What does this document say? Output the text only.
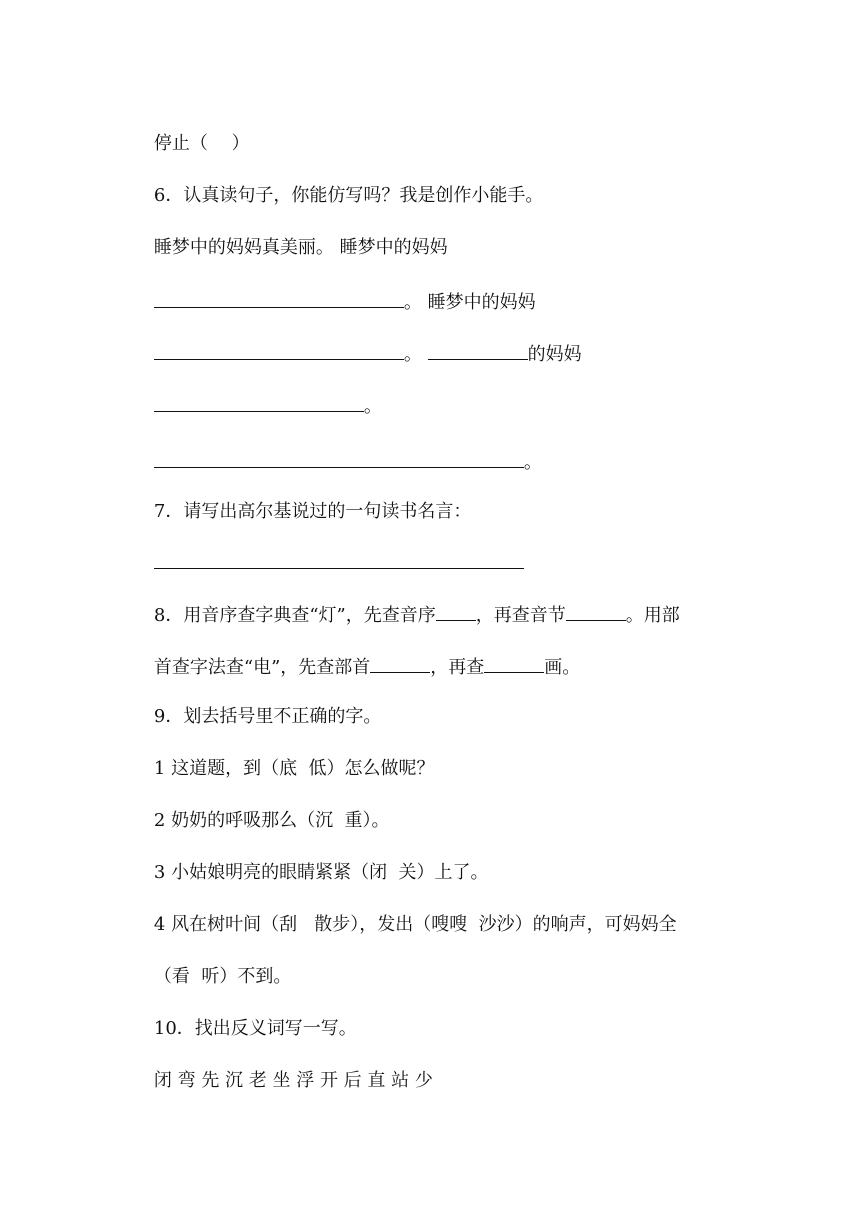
停止（　 ）

6．认真读句子，你能仿写吗？我是创作小能手。

睡梦中的妈妈真美丽。 睡梦中的妈妈

。 睡梦中的妈妈

。	的妈妈

。

。

7．请写出高尔基说过的一句读书名言：

8．用音序查字典查“灯”，先查音序 ，再查音节	。用部

首查字法查“电”，先查部首	，再查	画。

9．划去括号里不正确的字。

1 这道题，到（底  低）怎么做呢？

2 奶奶的呼吸那么（沉  重）。

3 小姑娘明亮的眼睛紧紧（闭  关）上了。

4 风在树叶间（刮   散步），发出（嗖嗖  沙沙）的响声，可妈妈全

（看  听）不到。

10．找出反义词写一写。

闭 弯 先 沉 老 坐 浮 开 后 直 站 少
